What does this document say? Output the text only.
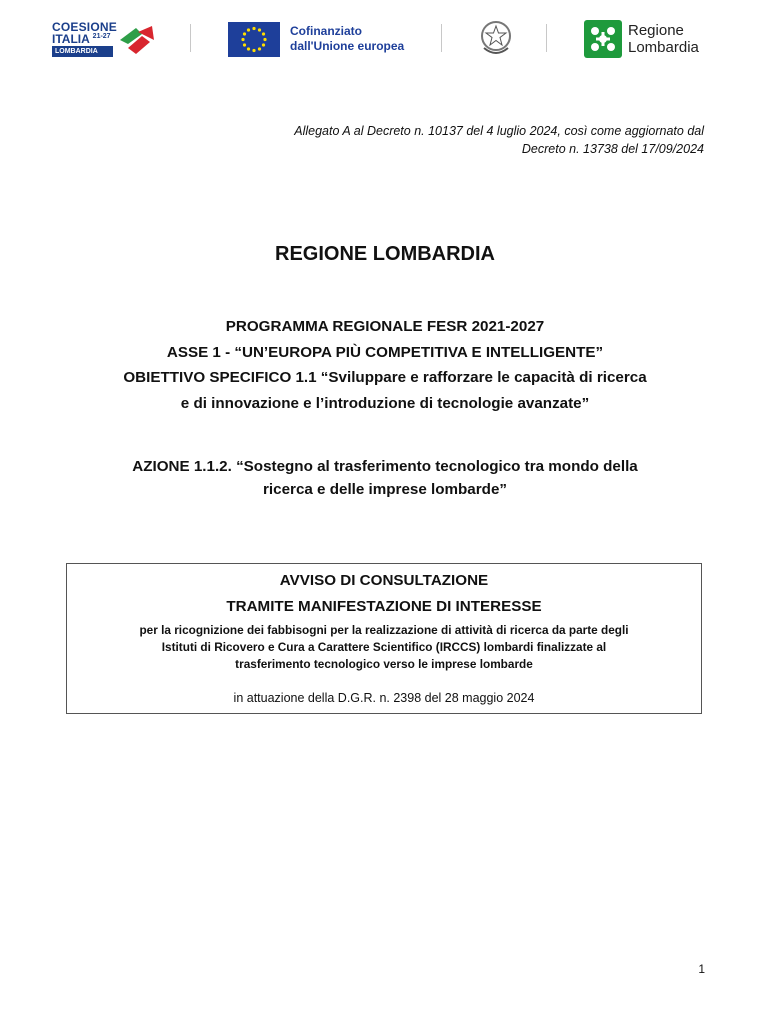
COESIONE
ITALIA $^{21-27}$
LOMBARDIA
Cofinanziato
dall'Unione europea
Regione
Lombardia
Allegato A al Decreto n. 10137 del 4 luglio 2024, così come aggiornato dal
Decreto n. 13738 del 17/09/2024
REGIONE LOMBARDIA
PROGRAMMA REGIONALE FESR 2021-2027
ASSE 1 - “UN’EUROPA PIÙ COMPETITIVA E INTELLIGENTE”
OBIETTIVO SPECIFICO 1.1 “Sviluppare e rafforzare le capacità di ricerca
e di innovazione e l’introduzione di tecnologie avanzate”
AZIONE 1.1.2. “Sostegno al trasferimento tecnologico tra mondo della
ricerca e delle imprese lombarde”
AVVISO DI CONSULTAZIONE
TRAMITE MANIFESTAZIONE DI INTERESSE
per la ricognizione dei fabbisogni per la realizzazione di attività di ricerca da parte degli
Istituti di Ricovero e Cura a Carattere Scientifico (IRCCS) lombardi finalizzate al
trasferimento tecnologico verso le imprese lombarde
in attuazione della D.G.R. n. 2398 del 28 maggio 2024
1
